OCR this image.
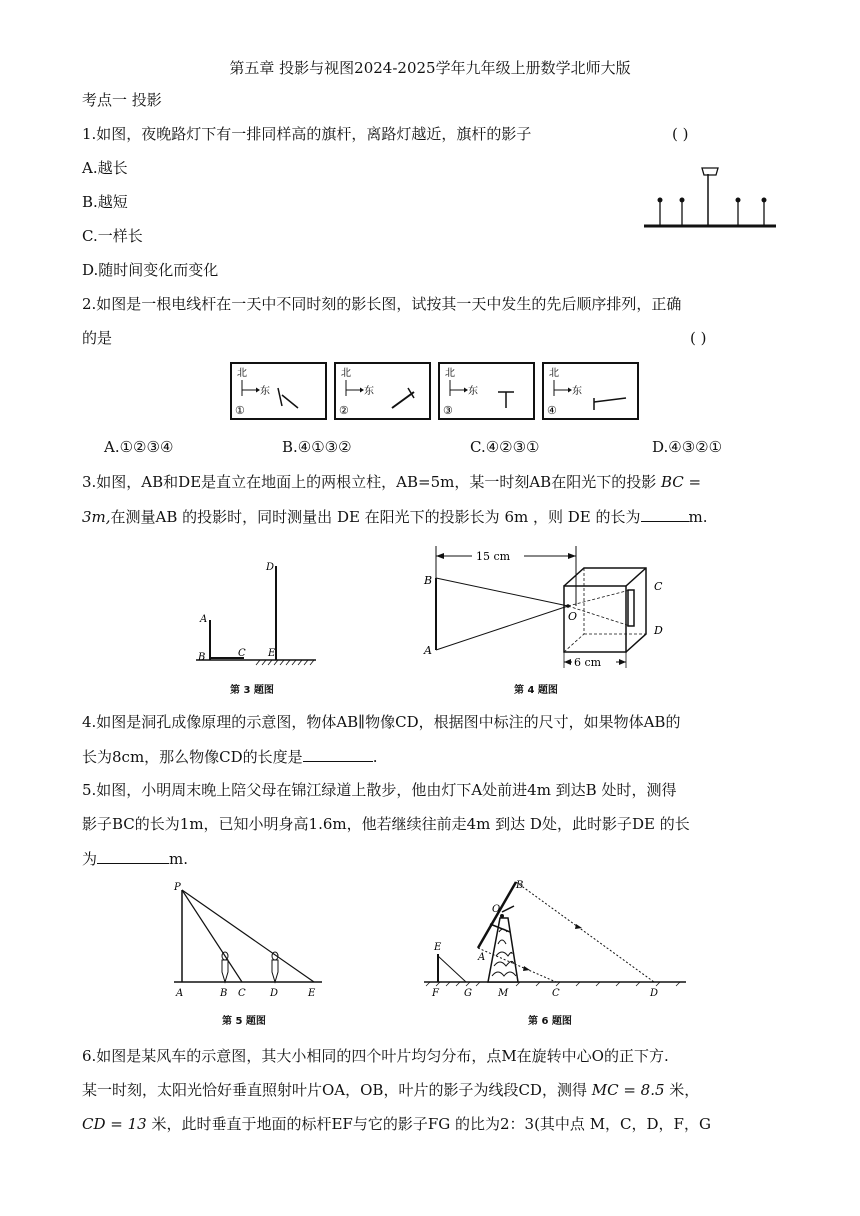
第五章 投影与视图2024-2025学年九年级上册数学北师大版
考点一 投影
1.如图，夜晚路灯下有一排同样高的旗杆，离路灯越近，旗杆的影子	( )
A.越长
B.越短
C.一样长
D.随时间变化而变化
2.如图是一根电线杆在一天中不同时刻的影长图，试按其一天中发生的先后顺序排列，正确
的是	( )
北
东
①
北
东
②
北
东
③
北
东
④
A.①②③④	B.④①③②	C.④②③①	D.④③②①
3.如图，AB和DE是直立在地面上的两根立柱，AB=5m，某一时刻AB在阳光下的投影 BC =
3m,在测量AB 的投影时，同时测量出 DE 在阳光下的投影长为 6m ，则 DE 的长为	m.
A
B	C
D
E
第 3 题图
15 cm
6 cm
B
A
O
C
D
第 4 题图
4.如图是洞孔成像原理的示意图，物体AB∥物像CD，根据图中标注的尺寸，如果物体AB的
长为8cm，那么物像CD的长度是	.
5.如图，小明周末晚上陪父母在锦江绿道上散步，他由灯下A处前进4m 到达B 处时，测得
影子BC的长为1m，已知小明身高1.6m，他若继续往前走4m 到达 D处，此时影子DE 的长
为	m.
P
A	B C D	E
第 5 题图
E
B
O
A
F	G	M	C	D
第 6 题图
6.如图是某风车的示意图，其大小相同的四个叶片均匀分布，点M在旋转中心O的正下方.
某一时刻，太阳光恰好垂直照射叶片OA，OB，叶片的影子为线段CD，测得 MC = 8.5 米，
CD = 13 米，此时垂直于地面的标杆EF与它的影子FG 的比为2：3(其中点 M，C，D，F，G
